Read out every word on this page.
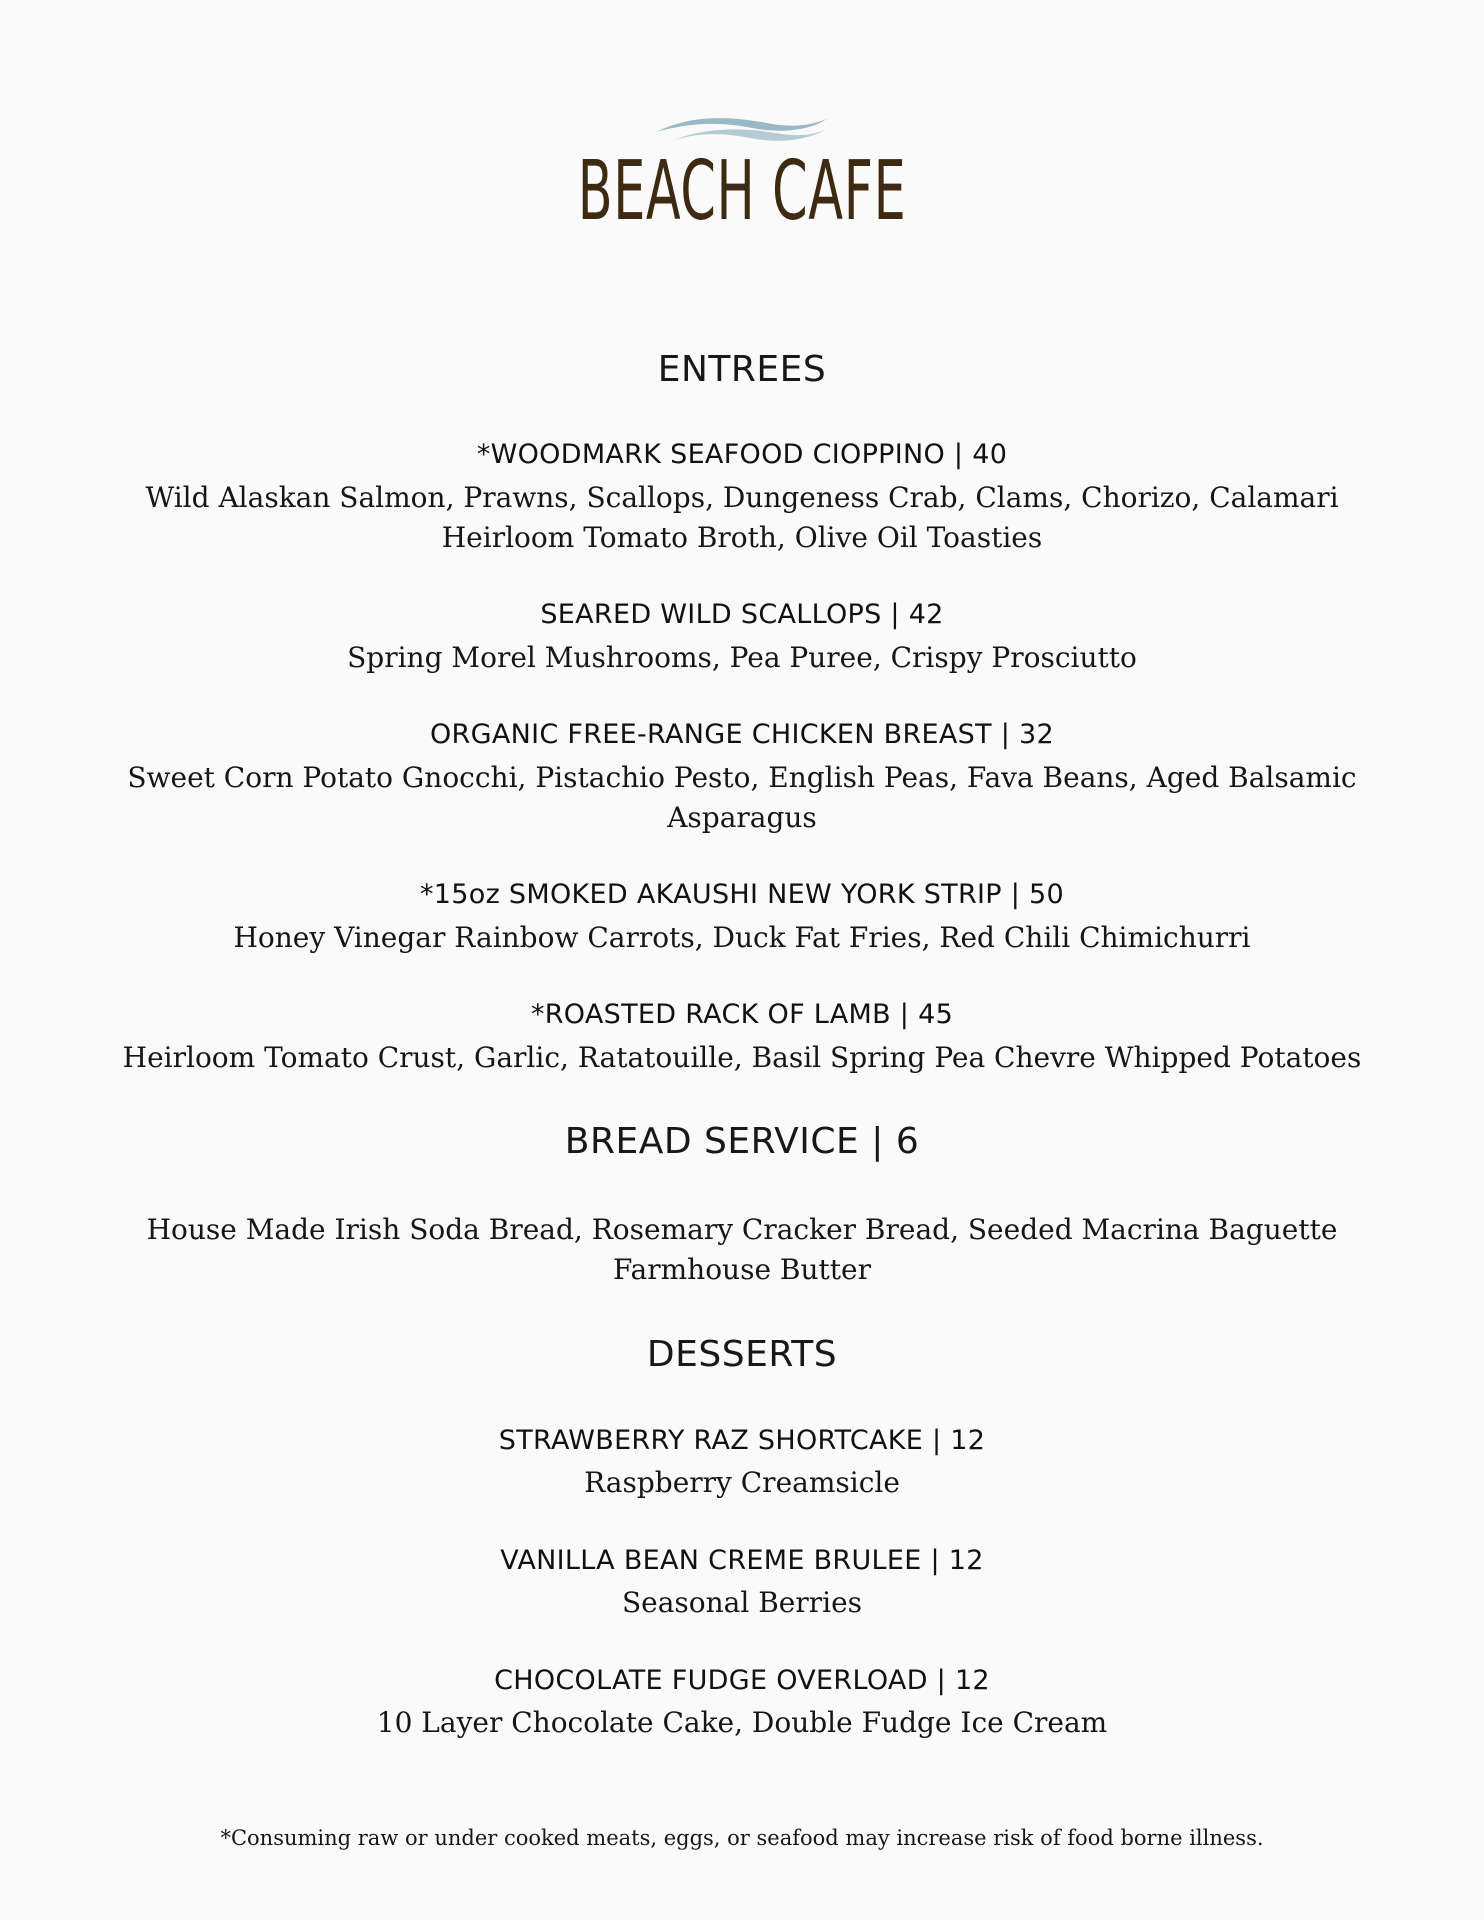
BEACH CAFE
ENTREES
*WOODMARK SEAFOOD CIOPPINO | 40
Wild Alaskan Salmon, Prawns, Scallops, Dungeness Crab, Clams, Chorizo, Calamari
Heirloom Tomato Broth, Olive Oil Toasties
SEARED WILD SCALLOPS | 42
Spring Morel Mushrooms, Pea Puree, Crispy Prosciutto
ORGANIC FREE-RANGE CHICKEN BREAST | 32
Sweet Corn Potato Gnocchi, Pistachio Pesto, English Peas, Fava Beans, Aged Balsamic
Asparagus
*15oz SMOKED AKAUSHI NEW YORK STRIP | 50
Honey Vinegar Rainbow Carrots, Duck Fat Fries, Red Chili Chimichurri
*ROASTED RACK OF LAMB | 45
Heirloom Tomato Crust, Garlic, Ratatouille, Basil Spring Pea Chevre Whipped Potatoes
BREAD SERVICE | 6
House Made Irish Soda Bread, Rosemary Cracker Bread, Seeded Macrina Baguette
Farmhouse Butter
DESSERTS
STRAWBERRY RAZ SHORTCAKE | 12
Raspberry Creamsicle
VANILLA BEAN CREME BRULEE | 12
Seasonal Berries
CHOCOLATE FUDGE OVERLOAD | 12
10 Layer Chocolate Cake, Double Fudge Ice Cream
*Consuming raw or under cooked meats, eggs, or seafood may increase risk of food borne illness.
